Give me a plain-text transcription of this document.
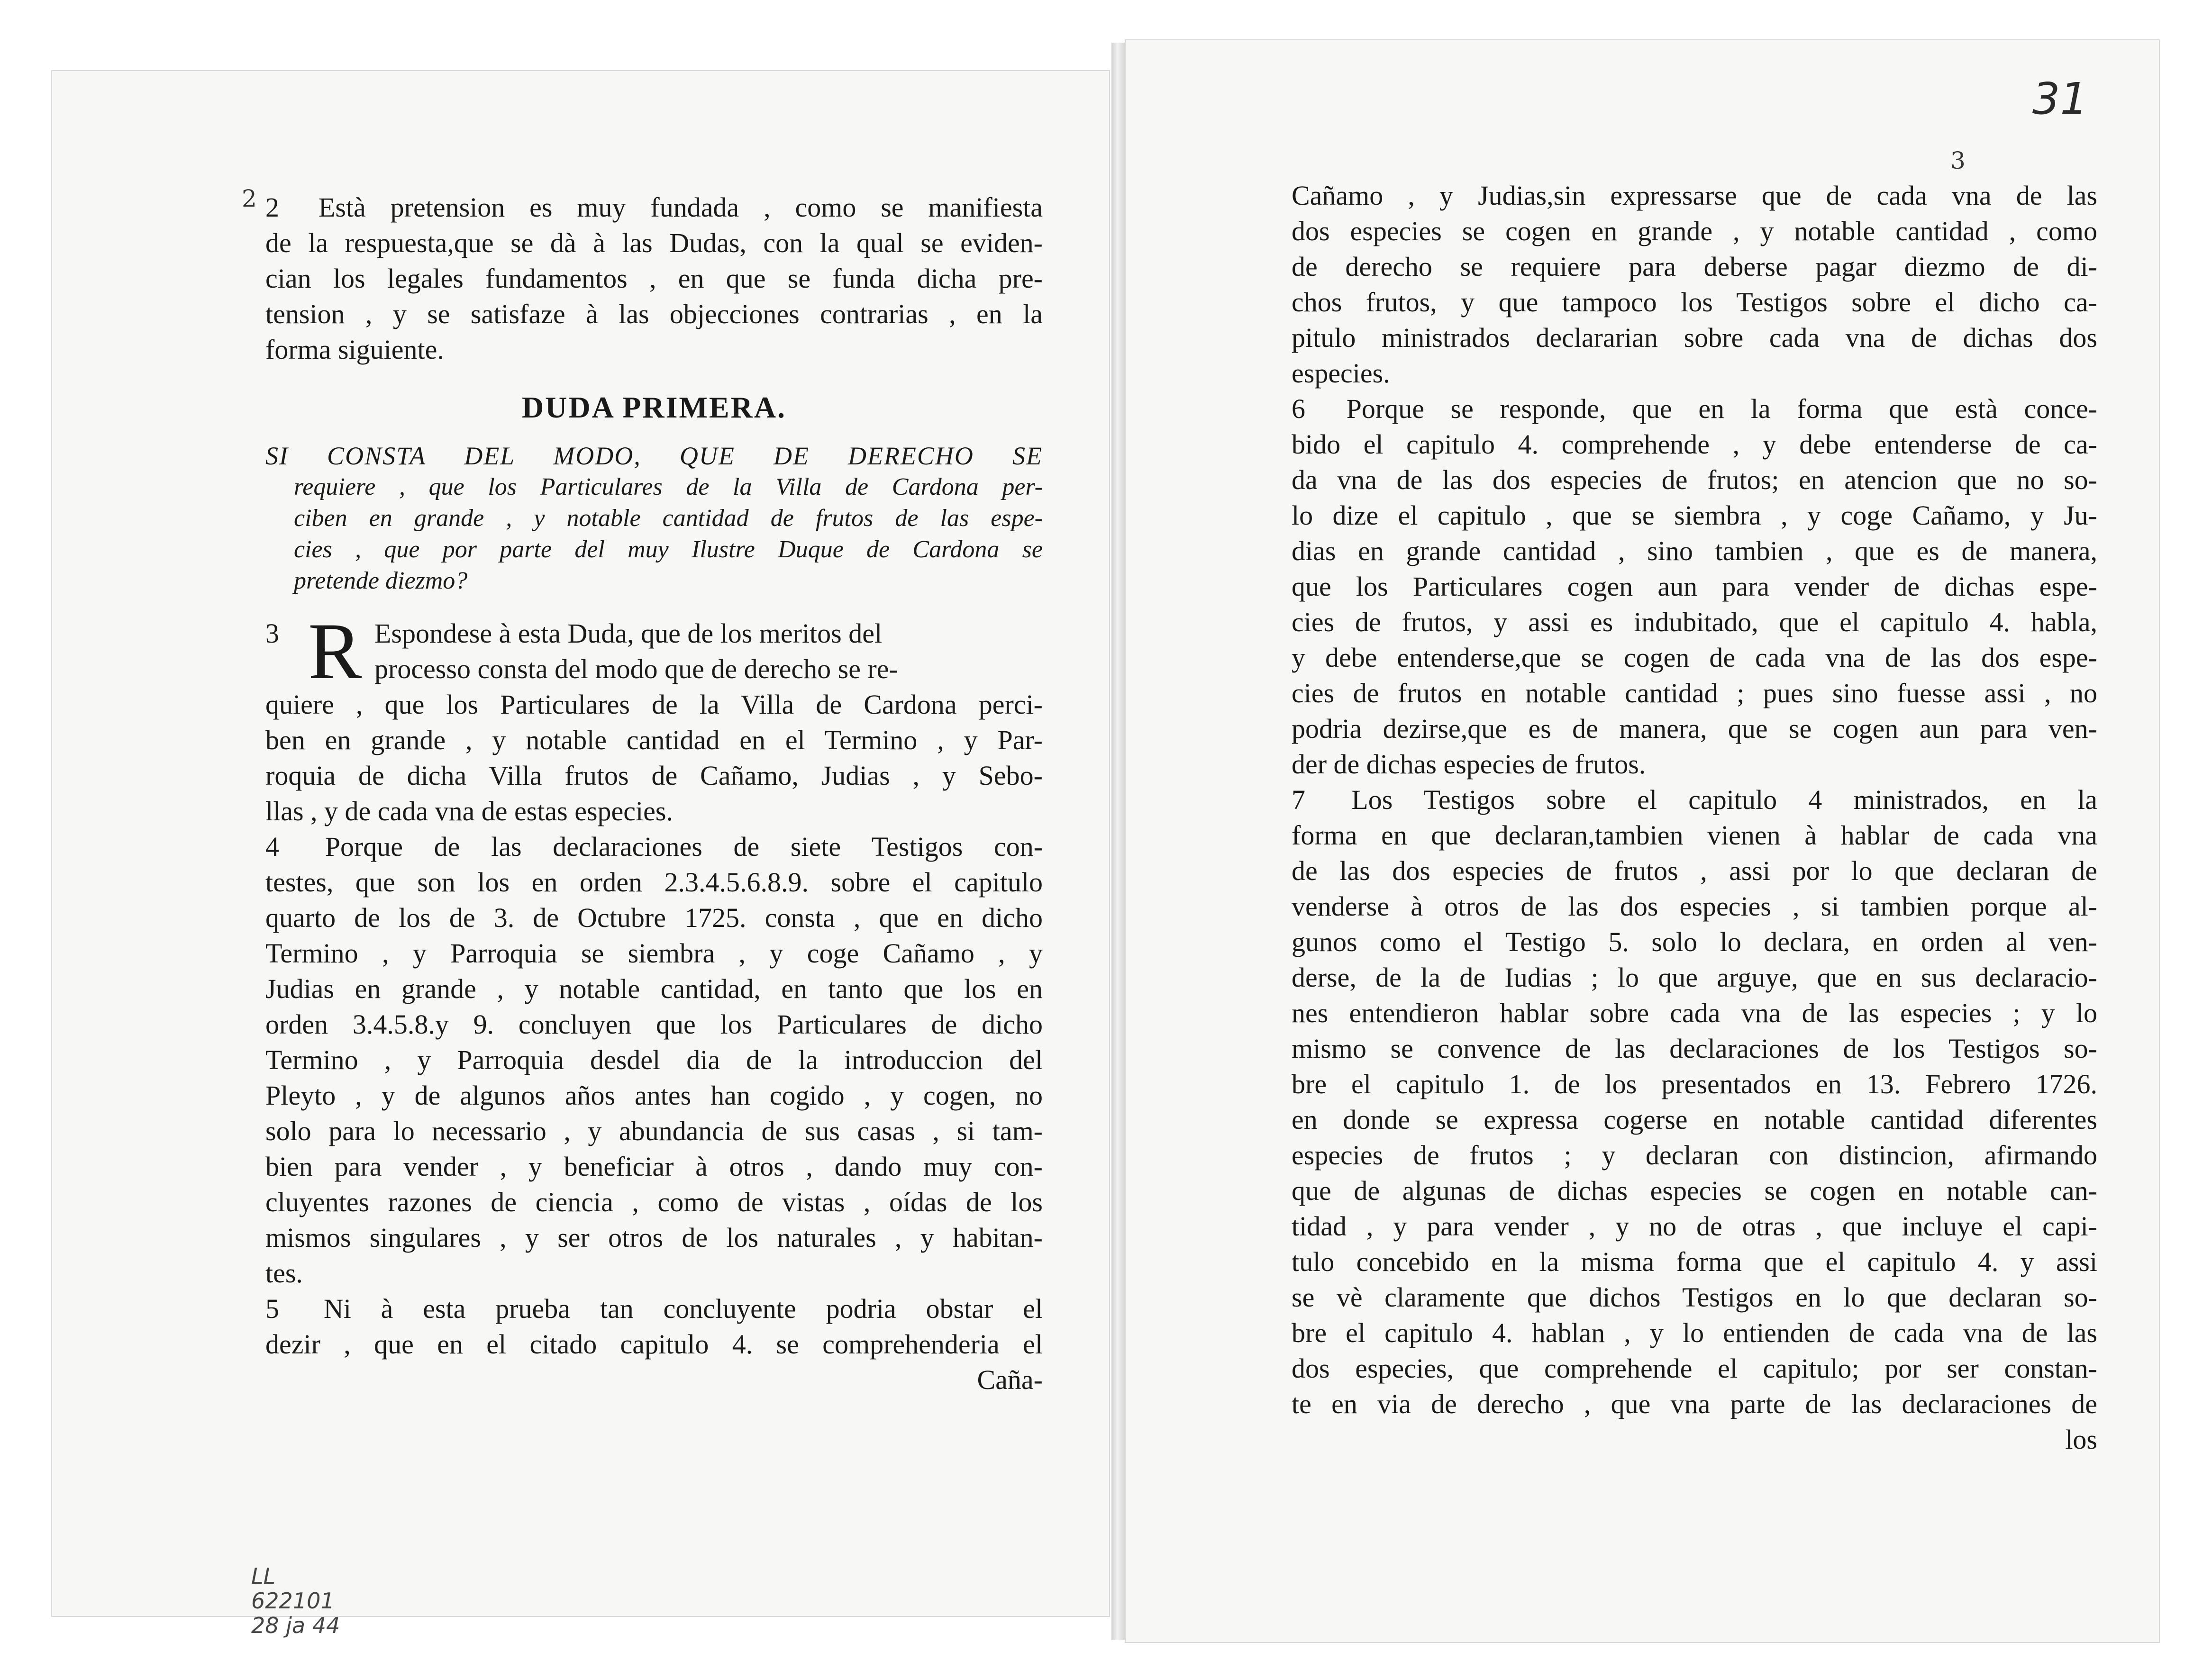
2 2 Està pretension es muy fundada , como se manifiesta
de la respuesta,que se dà à las Dudas, con la qual se eviden-
cian los legales fundamentos , en que se funda dicha pre-
tension , y se satisfaze à las objecciones contrarias , en la
forma siguiente.
DUDA PRIMERA.
SI CONSTA DEL MODO, QUE DE DERECHO SE
requiere , que los Particulares de la Villa de Cardona per-
ciben en grande , y notable cantidad de frutos de las espe-
cies , que por parte del muy Ilustre Duque de Cardona se
pretende diezmo?
R
3	Espondese à esta Duda, que de los meritos del
processo consta del modo que de derecho se re-
quiere , que los Particulares de la Villa de Cardona perci-
ben en grande , y notable cantidad en el Termino , y Par-
roquia de dicha Villa frutos de Cañamo, Judias , y Sebo-
llas , y de cada vna de estas especies.
4 Porque de las declaraciones de siete Testigos con-
testes, que son los en orden 2.3.4.5.6.8.9. sobre el capitulo
quarto de los de 3. de Octubre 1725. consta , que en dicho
Termino , y Parroquia se siembra , y coge Cañamo , y
Judias en grande , y notable cantidad, en tanto que los en
orden 3.4.5.8.y 9. concluyen que los Particulares de dicho
Termino , y Parroquia desdel dia de la introduccion del
Pleyto , y de algunos años antes han cogido , y cogen, no
solo para lo necessario , y abundancia de sus casas , si tam-
bien para vender , y beneficiar à otros , dando muy con-
cluyentes razones de ciencia , como de vistas , oídas de los
mismos singulares , y ser otros de los naturales , y habitan-
tes.
5 Ni à esta prueba tan concluyente podria obstar el
dezir , que en el citado capitulo 4. se comprehenderia el
Caña-
LL
622101
28 ja 44
31
3
Cañamo , y Judias,sin expressarse que de cada vna de las
dos especies se cogen en grande , y notable cantidad , como
de derecho se requiere para deberse pagar diezmo de di-
chos frutos, y que tampoco los Testigos sobre el dicho ca-
pitulo ministrados declararian sobre cada vna de dichas dos
especies.
6 Porque se responde, que en la forma que està conce-
bido el capitulo 4. comprehende , y debe entenderse de ca-
da vna de las dos especies de frutos; en atencion que no so-
lo dize el capitulo , que se siembra , y coge Cañamo, y Ju-
dias en grande cantidad , sino tambien , que es de manera,
que los Particulares cogen aun para vender de dichas espe-
cies de frutos, y assi es indubitado, que el capitulo 4. habla,
y debe entenderse,que se cogen de cada vna de las dos espe-
cies de frutos en notable cantidad ; pues sino fuesse assi , no
podria dezirse,que es de manera, que se cogen aun para ven-
der de dichas especies de frutos.
7 Los Testigos sobre el capitulo 4 ministrados, en la
forma en que declaran,tambien vienen à hablar de cada vna
de las dos especies de frutos , assi por lo que declaran de
venderse à otros de las dos especies , si tambien porque al-
gunos como el Testigo 5. solo lo declara, en orden al ven-
derse, de la de Iudias ; lo que arguye, que en sus declaracio-
nes entendieron hablar sobre cada vna de las especies ; y lo
mismo se convence de las declaraciones de los Testigos so-
bre el capitulo 1. de los presentados en 13. Febrero 1726.
en donde se expressa cogerse en notable cantidad diferentes
especies de frutos ; y declaran con distincion, afirmando
que de algunas de dichas especies se cogen en notable can-
tidad , y para vender , y no de otras , que incluye el capi-
tulo concebido en la misma forma que el capitulo 4. y assi
se vè claramente que dichos Testigos en lo que declaran so-
bre el capitulo 4. hablan , y lo entienden de cada vna de las
dos especies, que comprehende el capitulo; por ser constan-
te en via de derecho , que vna parte de las declaraciones de
los
